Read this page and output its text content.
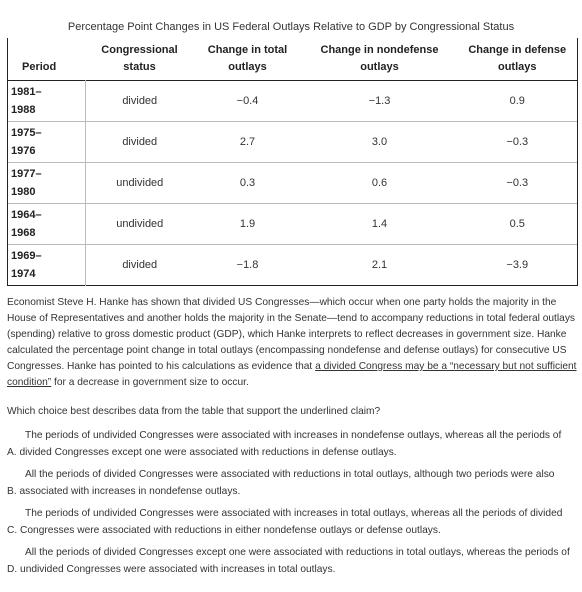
Percentage Point Changes in US Federal Outlays Relative to GDP by Congressional Status
Period	Congressional status	Change in total outlays	Change in nondefense outlays	Change in defense outlays
1981–
1988	divided	−0.4	−1.3	0.9
1975–
1976	divided	2.7	3.0	−0.3
1977–
1980	undivided	0.3	0.6	−0.3
1964–
1968	undivided	1.9	1.4	0.5
1969–
1974	divided	−1.8	2.1	−3.9
Economist Steve H. Hanke has shown that divided US Congresses—which occur when one party holds the majority in the House of Representatives and another holds the majority in the Senate—tend to accompany reductions in total federal outlays (spending) relative to gross domestic product (GDP), which Hanke interprets to reflect decreases in government size. Hanke calculated the percentage point change in total outlays (encompassing nondefense and defense outlays) for consecutive US Congresses. Hanke has pointed to his calculations as evidence that a divided Congress may be a “necessary but not sufficient condition” for a decrease in government size to occur.
Which choice best describes data from the table that support the underlined claim?
The periods of undivided Congresses were associated with increases in nondefense outlays, whereas all the periods of
A. divided Congresses except one were associated with reductions in defense outlays.
All the periods of divided Congresses were associated with reductions in total outlays, although two periods were also
B. associated with increases in nondefense outlays.
The periods of undivided Congresses were associated with increases in total outlays, whereas all the periods of divided
C. Congresses were associated with reductions in either nondefense outlays or defense outlays.
All the periods of divided Congresses except one were associated with reductions in total outlays, whereas the periods of
D. undivided Congresses were associated with increases in total outlays.
